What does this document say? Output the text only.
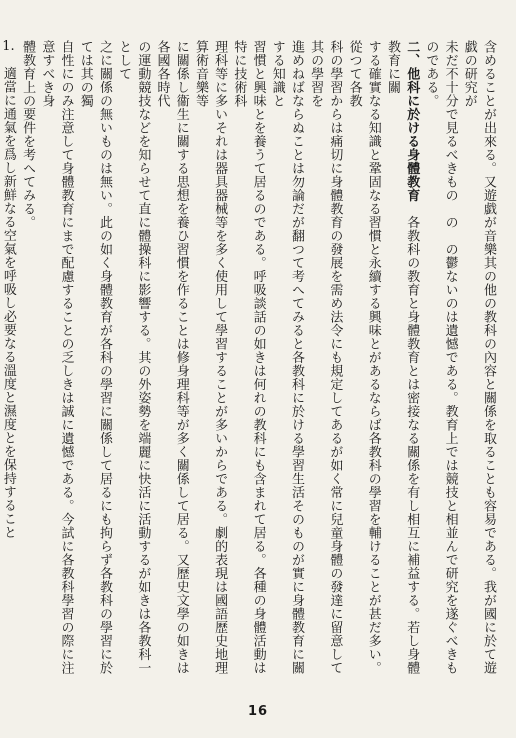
含めることが出來る。又遊戯が音樂其の他の教科の內容と關係を取ることも容易である。我が國に於て遊戯の研究が
未だ不十分で見るべきもの　の　の鬱ないのは遺憾である。教育上では競技と相並んで研究を遂ぐべきものである。
二、他科に於ける身體教育　各教科の教育と身體教育とは密接なる關係を有し相互に補益する。若し身體教育に關
する確實なる知識と鞏固なる習慣と永續する興味とがあるならば各教科の學習を輔けることが甚だ多い。從つて各教
科の學習からは痛切に身體教育の發展を需め法令にも規定してあるが如く常に兒童身體の發達に留意して其の學習を
進めねばならぬことは勿論だが翻つて考へてみると各教科に於ける學習生活そのものが實に身體教育に關する知識と
習慣と興味とを養うて居るのである。呼吸談話の如きは何れの教科にも含まれて居る。各種の身體活動は特に技術科
理科等に多いそれは器具器械等を多く使用して學習することが多いからである。劇的表現は國語歷史地理算術音樂等
に關係し衞生に關する思想を養ひ習慣を作ることは修身理科等が多く關係して居る。又歷史文學の如きは各國各時代
の運動競技などを知らせて直に體操科に影響する。其の外姿勢を端麗に快活に活動するが如きは各教科一として
之に關係の無いものは無い。此の如く身體教育が各科の學習に關係して居るにも拘らず各教科の學習に於ては其の獨
自性にのみ注意して身體教育にまで配慮することの乏しきは誠に遺憾である。今試に各教科學習の際に注意すべき身
體教育上の要件を考へてみる。
1.　適當に通氣を爲し新鮮なる空氣を呼吸し必要なる溫度と濕度とを保持すること

16
